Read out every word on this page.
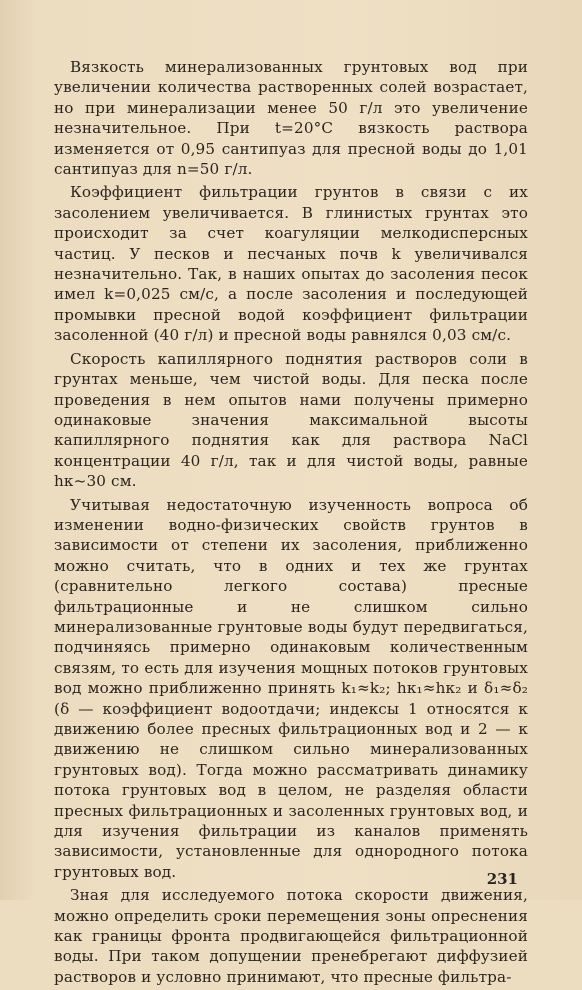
Вязкость минерализованных грунтовых вод при увеличении количества растворенных солей возрастает, но при минерализации менее 50 г/л это увеличение незначительное. При t=20°C вязкость раствора изменяется от 0,95 сантипуаз для пресной воды до 1,01 сантипуаз для n=50 г/л.

Коэффициент фильтрации грунтов в связи с их засолением увеличивается. В глинистых грунтах это происходит за счет коагуляции мелкодисперсных частиц. У песков и песчаных почв k увеличивался незначительно. Так, в наших опытах до засоления песок имел k=0,025 см/с, а после засоления и последующей промывки пресной водой коэффициент фильтрации засоленной (40 г/л) и пресной воды равнялся 0,03 см/с.

Скорость капиллярного поднятия растворов соли в грунтах меньше, чем чистой воды. Для песка после проведения в нем опытов нами получены примерно одинаковые значения максимальной высоты капиллярного поднятия как для раствора NaCl концентрации 40 г/л, так и для чистой воды, равные hк~30 см.

Учитывая недостаточную изученность вопроса об изменении водно-физических свойств грунтов в зависимости от степени их засоления, приближенно можно считать, что в одних и тех же грунтах (сравнительно легкого состава) пресные фильтрационные и не слишком сильно минерализованные грунтовые воды будут передвигаться, подчиняясь примерно одинаковым количественным связям, то есть для изучения мощных потоков грунтовых вод можно приближенно принять k₁≈k₂; hк₁≈hк₂ и δ₁≈δ₂ (δ — коэффициент водоотдачи; индексы 1 относятся к движению более пресных фильтрационных вод и 2 — к движению не слишком сильно минерализованных грунтовых вод). Тогда можно рассматривать динамику потока грунтовых вод в целом, не разделяя области пресных фильтрационных и засоленных грунтовых вод, и для изучения фильтрации из каналов применять зависимости, установленные для однородного потока грунтовых вод.

Зная для исследуемого потока скорости движения, можно определить сроки перемещения зоны опреснения как границы фронта продвигающейся фильтрационной воды. При таком допущении пренебрегают диффузией растворов и условно принимают, что пресные фильтра-

231
